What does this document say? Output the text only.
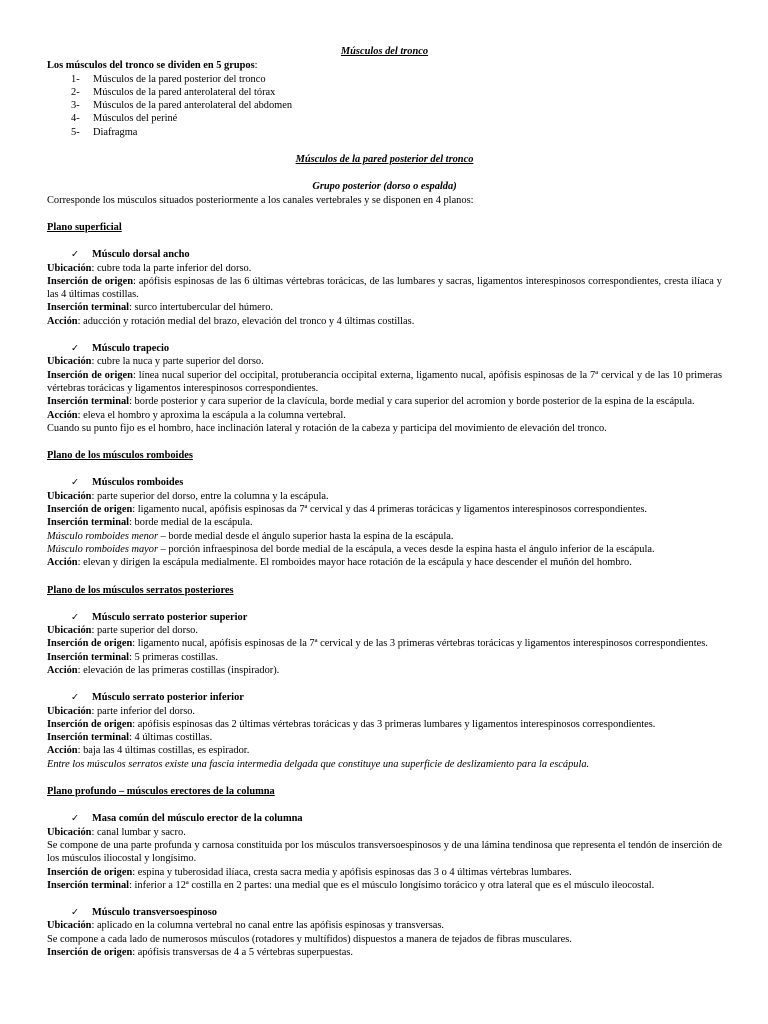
Músculos del tronco
Los músculos del tronco se dividen en 5 grupos:
1-	Músculos de la pared posterior del tronco
2-	Músculos de la pared anterolateral del tórax
3-	Músculos de la pared anterolateral del abdomen
4-	Músculos del periné
5-	Diafragma
Músculos de la pared posterior del tronco
Grupo posterior (dorso o espalda)

Corresponde los músculos situados posteriormente a los canales vertebrales y se disponen en 4 planos:

Plano superficial
✓ Músculo dorsal ancho

Ubicación: cubre toda la parte inferior del dorso.

Inserción de origen: apófisis espinosas de las 6 últimas vértebras torácicas, de las lumbares y sacras, ligamentos interespinosos correspondientes, cresta ilíaca y las 4 últimas costillas.

Inserción terminal: surco intertubercular del húmero.

Acción: aducción y rotación medial del brazo, elevación del tronco y 4 últimas costillas.

✓ Músculo trapecio

Ubicación: cubre la nuca y parte superior del dorso.

Inserción de origen: línea nucal superior del occipital, protuberancia occipital externa, ligamento nucal, apófisis espinosas de la 7ª cervical y de las 10 primeras vértebras torácicas y ligamentos interespinosos correspondientes.

Inserción terminal: borde posterior y cara superior de la clavícula, borde medial y cara superior del acromion y borde posterior de la espina de la escápula.

Acción: eleva el hombro y aproxima la escápula a la columna vertebral.

Cuando su punto fijo es el hombro, hace inclinación lateral y rotación de la cabeza y participa del movimiento de elevación del tronco.

Plano de los músculos romboides
✓ Músculos romboides

Ubicación: parte superior del dorso, entre la columna y la escápula.

Inserción de origen: ligamento nucal, apófisis espinosas da 7ª cervical y das 4 primeras torácicas y ligamentos interespinosos correspondientes.

Inserción terminal: borde medial de la escápula.

Músculo romboides menor – borde medial desde el ángulo superior hasta la espina de la escápula.

Músculo romboides mayor – porción infraespinosa del borde medial de la escápula, a veces desde la espina hasta el ángulo inferior de la escápula.

Acción: elevan y dirigen la escápula medialmente. El romboides mayor hace rotación de la escápula y hace descender el muñón del hombro.

Plano de los músculos serratos posteriores
✓ Músculo serrato posterior superior

Ubicación: parte superior del dorso.

Inserción de origen: ligamento nucal, apófisis espinosas de la 7ª cervical y de las 3 primeras vértebras torácicas y ligamentos interespinosos correspondientes.

Inserción terminal: 5 primeras costillas.

Acción: elevación de las primeras costillas (inspirador).

✓ Músculo serrato posterior inferior

Ubicación: parte inferior del dorso.

Inserción de origen: apófisis espinosas das 2 últimas vértebras torácicas y das 3 primeras lumbares y ligamentos interespinosos correspondientes.

Inserción terminal: 4 últimas costillas.

Acción: baja las 4 últimas costillas, es espirador.

Entre los músculos serratos existe una fascia intermedia delgada que constituye una superficie de deslizamiento para la escápula.

Plano profundo – músculos erectores de la columna
✓ Masa común del músculo erector de la columna

Ubicación: canal lumbar y sacro.

Se compone de una parte profunda y carnosa constituida por los músculos transversoespinosos y de una lámina tendinosa que representa el tendón de inserción de los músculos iliocostal y longísimo.

Inserción de origen: espina y tuberosidad ilíaca, cresta sacra media y apófisis espinosas das 3 o 4 últimas vértebras lumbares.

Inserción terminal: inferior a 12ª costilla en 2 partes: una medial que es el músculo longísimo torácico y otra lateral que es el músculo ileocostal.

✓ Músculo transversoespinoso

Ubicación: aplicado en la columna vertebral no canal entre las apófisis espinosas y transversas.

Se compone a cada lado de numerosos músculos (rotadores y multífidos) dispuestos a manera de tejados de fibras musculares.

Inserción de origen: apófisis transversas de 4 a 5 vértebras superpuestas.
